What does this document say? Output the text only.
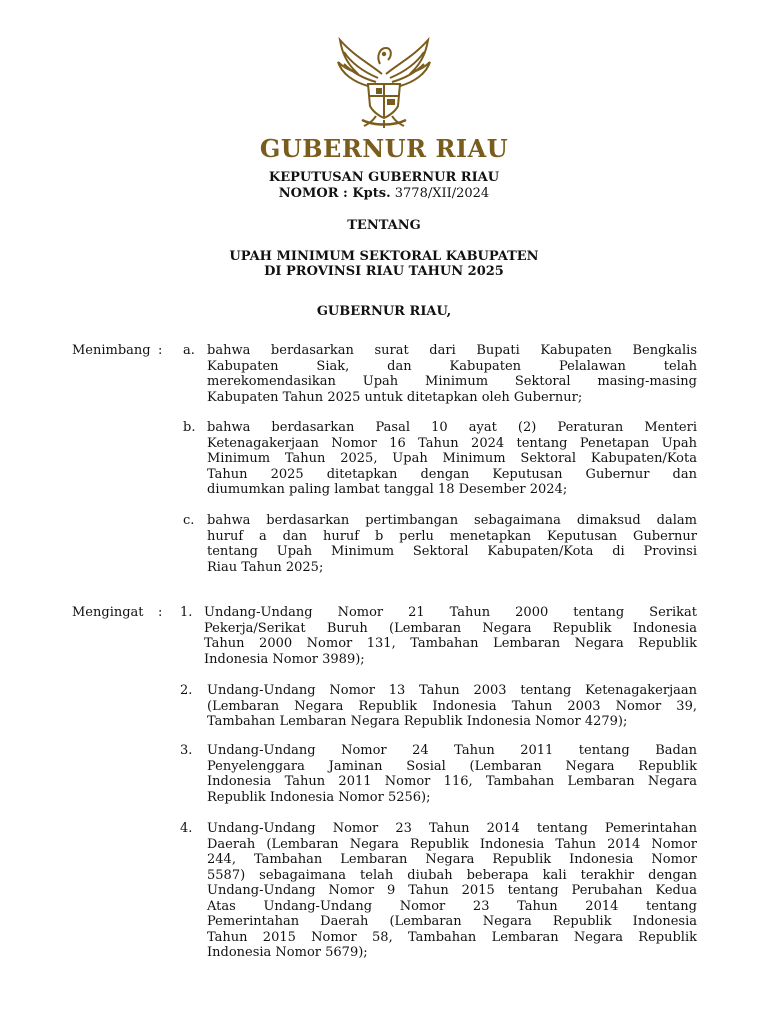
GUBERNUR RIAU
KEPUTUSAN GUBERNUR RIAU
NOMOR : Kpts. 3778/XII/2024
TENTANG
UPAH MINIMUM SEKTORAL KABUPATEN
DI PROVINSI RIAU TAHUN 2025
GUBERNUR RIAU,
Menimbang : a. bahwa berdasarkan surat dari Bupati Kabupaten Bengkalis
Kabupaten Siak, dan Kabupaten Pelalawan telah
merekomendasikan Upah Minimum Sektoral masing-masing
Kabupaten Tahun 2025 untuk ditetapkan oleh Gubernur;
b. bahwa berdasarkan Pasal 10 ayat (2) Peraturan Menteri
Ketenagakerjaan Nomor 16 Tahun 2024 tentang Penetapan Upah
Minimum Tahun 2025, Upah Minimum Sektoral Kabupaten/Kota
Tahun 2025 ditetapkan dengan Keputusan Gubernur dan
diumumkan paling lambat tanggal 18 Desember 2024;
c. bahwa berdasarkan pertimbangan sebagaimana dimaksud dalam
huruf a dan huruf b perlu menetapkan Keputusan Gubernur
tentang Upah Minimum Sektoral Kabupaten/Kota di Provinsi
Riau Tahun 2025;
Mengingat : 1. Undang-Undang Nomor 21 Tahun 2000 tentang Serikat
Pekerja/Serikat Buruh (Lembaran Negara Republik Indonesia
Tahun 2000 Nomor 131, Tambahan Lembaran Negara Republik
Indonesia Nomor 3989);
2. Undang-Undang Nomor 13 Tahun 2003 tentang Ketenagakerjaan
(Lembaran Negara Republik Indonesia Tahun 2003 Nomor 39,
Tambahan Lembaran Negara Republik Indonesia Nomor 4279);
3. Undang-Undang Nomor 24 Tahun 2011 tentang Badan
Penyelenggara Jaminan Sosial (Lembaran Negara Republik
Indonesia Tahun 2011 Nomor 116, Tambahan Lembaran Negara
Republik Indonesia Nomor 5256);
4. Undang-Undang Nomor 23 Tahun 2014 tentang Pemerintahan
Daerah (Lembaran Negara Republik Indonesia Tahun 2014 Nomor
244, Tambahan Lembaran Negara Republik Indonesia Nomor
5587) sebagaimana telah diubah beberapa kali terakhir dengan
Undang-Undang Nomor 9 Tahun 2015 tentang Perubahan Kedua
Atas Undang-Undang Nomor 23 Tahun 2014 tentang
Pemerintahan Daerah (Lembaran Negara Republik Indonesia
Tahun 2015 Nomor 58, Tambahan Lembaran Negara Republik
Indonesia Nomor 5679);
